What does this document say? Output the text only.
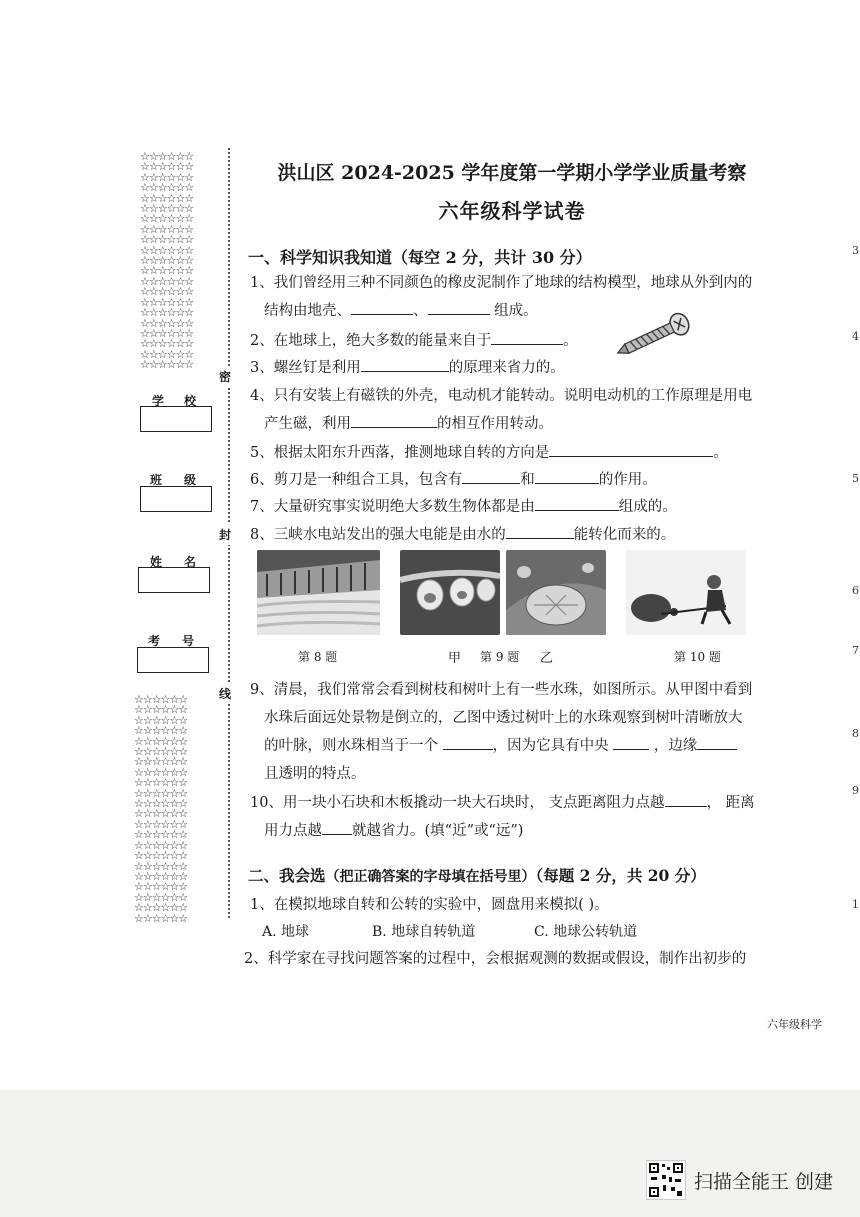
☆☆☆☆☆☆
☆☆☆☆☆☆
☆☆☆☆☆☆
☆☆☆☆☆☆
☆☆☆☆☆☆
☆☆☆☆☆☆
☆☆☆☆☆☆
☆☆☆☆☆☆
☆☆☆☆☆☆
☆☆☆☆☆☆
☆☆☆☆☆☆
☆☆☆☆☆☆
☆☆☆☆☆☆
☆☆☆☆☆☆
☆☆☆☆☆☆
☆☆☆☆☆☆
☆☆☆☆☆☆
☆☆☆☆☆☆
☆☆☆☆☆☆
☆☆☆☆☆☆
☆☆☆☆☆☆
☆☆☆☆☆☆
☆☆☆☆☆☆
☆☆☆☆☆☆
☆☆☆☆☆☆
☆☆☆☆☆☆
☆☆☆☆☆☆
☆☆☆☆☆☆
☆☆☆☆☆☆
☆☆☆☆☆☆
☆☆☆☆☆☆
☆☆☆☆☆☆
☆☆☆☆☆☆
☆☆☆☆☆☆
☆☆☆☆☆☆
☆☆☆☆☆☆
☆☆☆☆☆☆
☆☆☆☆☆☆
☆☆☆☆☆☆
☆☆☆☆☆☆
☆☆☆☆☆☆
☆☆☆☆☆☆
☆☆☆☆☆☆
密
封
线
学 校
班 级
姓 名
考 号
洪山区 2024-2025 学年度第一学期小学学业质量考察
六年级科学试卷
一、科学知识我知道（每空 2 分，共计 30 分）
1、我们曾经用三种不同颜色的橡皮泥制作了地球的结构模型，地球从外到内的
结构由地壳、	、	组成。
2、在地球上，绝大多数的能量来自于	。
3、螺丝钉是利用	的原理来省力的。
4、只有安装上有磁铁的外壳，电动机才能转动。说明电动机的工作原理是用电
产生磁，利用	的相互作用转动。
5、根据太阳东升西落，推测地球自转的方向是	。
6、剪刀是一种组合工具，包含有	和	的作用。
7、大量研究事实说明绝大多数生物体都是由	组成的。
8、三峡水电站发出的强大电能是由水的	能转化而来的。
第 8 题	甲 第 9 题 乙	第 10 题
9、清晨，我们常常会看到树枝和树叶上有一些水珠，如图所示。从甲图中看到
水珠后面远处景物是倒立的，乙图中透过树叶上的水珠观察到树叶清晰放大
的叶脉，则水珠相当于一个	，因为它具有中央  ，边缘
且透明的特点。
10、用一块小石块和木板撬动一块大石块时， 支点距离阻力点越	， 距离
用力点越 就越省力。(填“近”或“远”)
二、我会选（把正确答案的字母填在括号里）（每题 2 分，共 20 分）
1、在模拟地球自转和公转的实验中，圆盘用来模拟( )。
A. 地球	B. 地球自转轨道	C. 地球公转轨道
2、科学家在寻找问题答案的过程中，会根据观测的数据或假设，制作出初步的
六年级科学
3
4
5
6
7
8
9
1
扫描全能王 创建
